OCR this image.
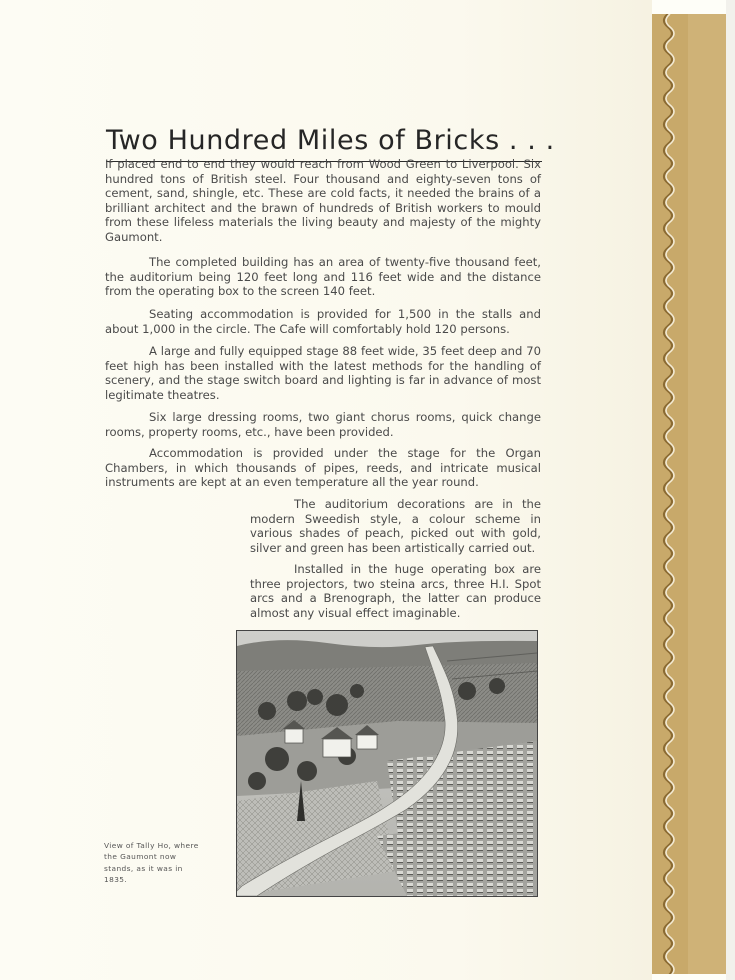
Two Hundred Miles of Bricks . . .

If placed end to end they would reach from Wood Green to Liverpool. Six hundred tons of British steel. Four thousand and eighty-seven tons of cement, sand, shingle, etc. These are cold facts, it needed the brains of a brilliant architect and the brawn of hundreds of British workers to mould from these lifeless materials the living beauty and majesty of the mighty Gaumont.

The completed building has an area of twenty-five thousand feet, the auditorium being 120 feet long and 116 feet wide and the distance from the operating box to the screen 140 feet.

Seating accommodation is provided for 1,500 in the stalls and about 1,000 in the circle. The Cafe will comfortably hold 120 persons.

A large and fully equipped stage 88 feet wide, 35 feet deep and 70 feet high has been installed with the latest methods for the handling of scenery, and the stage switch board and lighting is far in advance of most legitimate theatres.

Six large dressing rooms, two giant chorus rooms, quick change rooms, property rooms, etc., have been provided.

Accommodation is provided under the stage for the Organ Chambers, in which thousands of pipes, reeds, and intricate musical instruments are kept at an even temperature all the year round.

The auditorium decorations are in the modern Sweedish style, a colour scheme in various shades of peach, picked out with gold, silver and green has been artistically carried out.

Installed in the huge operating box are three projectors, two steina arcs, three H.I. Spot arcs and a Brenograph, the latter can produce almost any visual effect imaginable.

View of Tally Ho, where the Gaumont now stands, as it was in 1835.
